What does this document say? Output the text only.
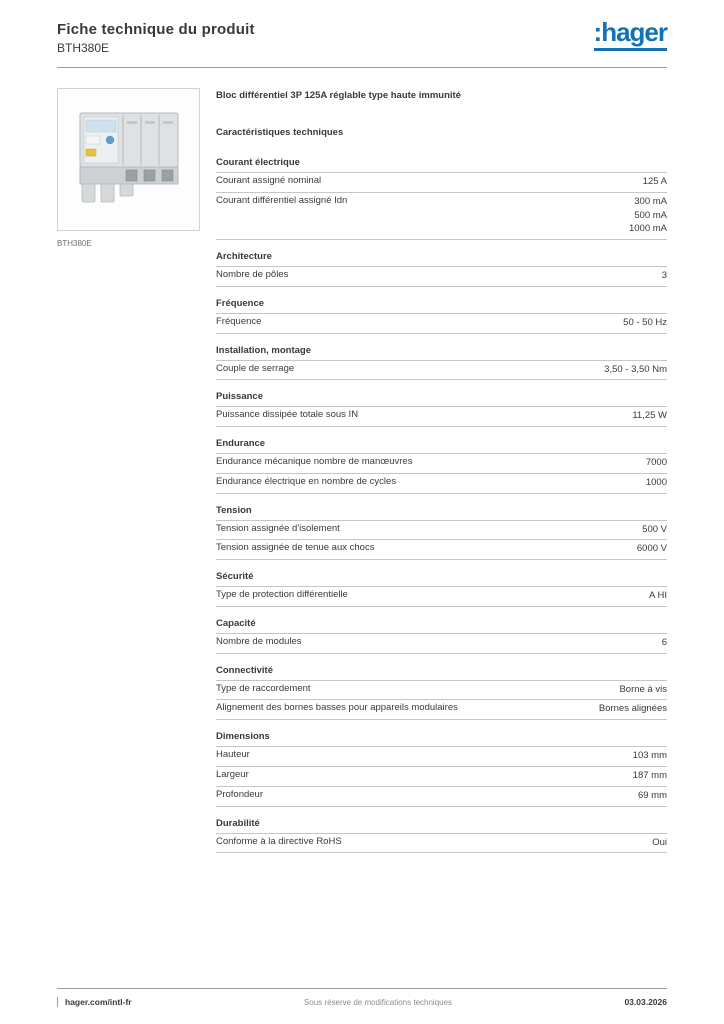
Fiche technique du produit
BTH380E
:hager
BTH380E
Bloc différentiel 3P 125A réglable type haute immunité
Caractéristiques techniques
Courant électrique
Courant assigné nominal	125 A
Courant différentiel assigné Idn	300 mA
500 mA
1000 mA
Architecture
Nombre de pôles	3
Fréquence
Fréquence	50 - 50 Hz
Installation, montage
Couple de serrage	3,50 - 3,50 Nm
Puissance
Puissance dissipée totale sous IN	11,25 W
Endurance
Endurance mécanique nombre de manœuvres	7000
Endurance électrique en nombre de cycles	1000
Tension
Tension assignée d'isolement	500 V
Tension assignée de tenue aux chocs	6000 V
Sécurité
Type de protection différentielle	A HI
Capacité
Nombre de modules	6
Connectivité
Type de raccordement	Borne à vis
Alignement des bornes basses pour appareils modulaires	Bornes alignées
Dimensions
Hauteur	103 mm
Largeur	187 mm
Profondeur	69 mm
Durabilité
Conforme à la directive RoHS	Oui
hager.com/intl-fr	Sous réserve de modifications techniques	03.03.2026
